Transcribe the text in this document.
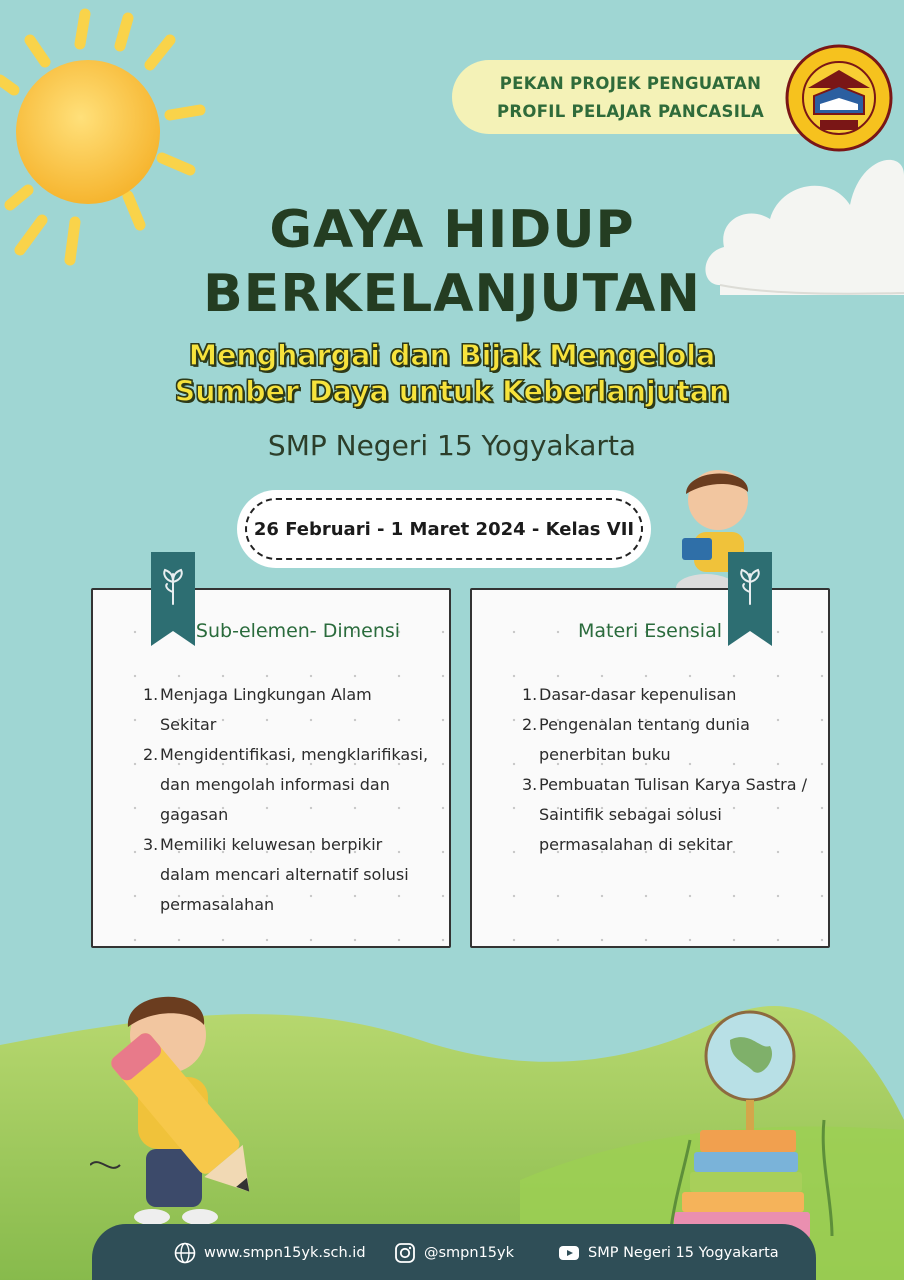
PEKAN PROJEK PENGUATAN
PROFIL PELAJAR PANCASILA
GAYA HIDUP
BERKELANJUTAN
Menghargai dan Bijak Mengelola
Sumber Daya untuk Keberlanjutan
SMP Negeri 15 Yogyakarta
26 Februari - 1 Maret 2024 - Kelas VII
Sub-elemen- Dimensi
1. Menjaga Lingkungan Alam Sekitar
2. Mengidentifikasi, mengklarifikasi, dan mengolah informasi dan gagasan
3. Memiliki keluwesan berpikir dalam mencari alternatif solusi permasalahan
Materi Esensial
1. Dasar-dasar kepenulisan
2. Pengenalan tentang dunia penerbitan buku
3. Pembuatan Tulisan Karya Sastra / Saintifik sebagai solusi permasalahan di sekitar
www.smpn15yk.sch.id	@smpn15yk	SMP Negeri 15 Yogyakarta
